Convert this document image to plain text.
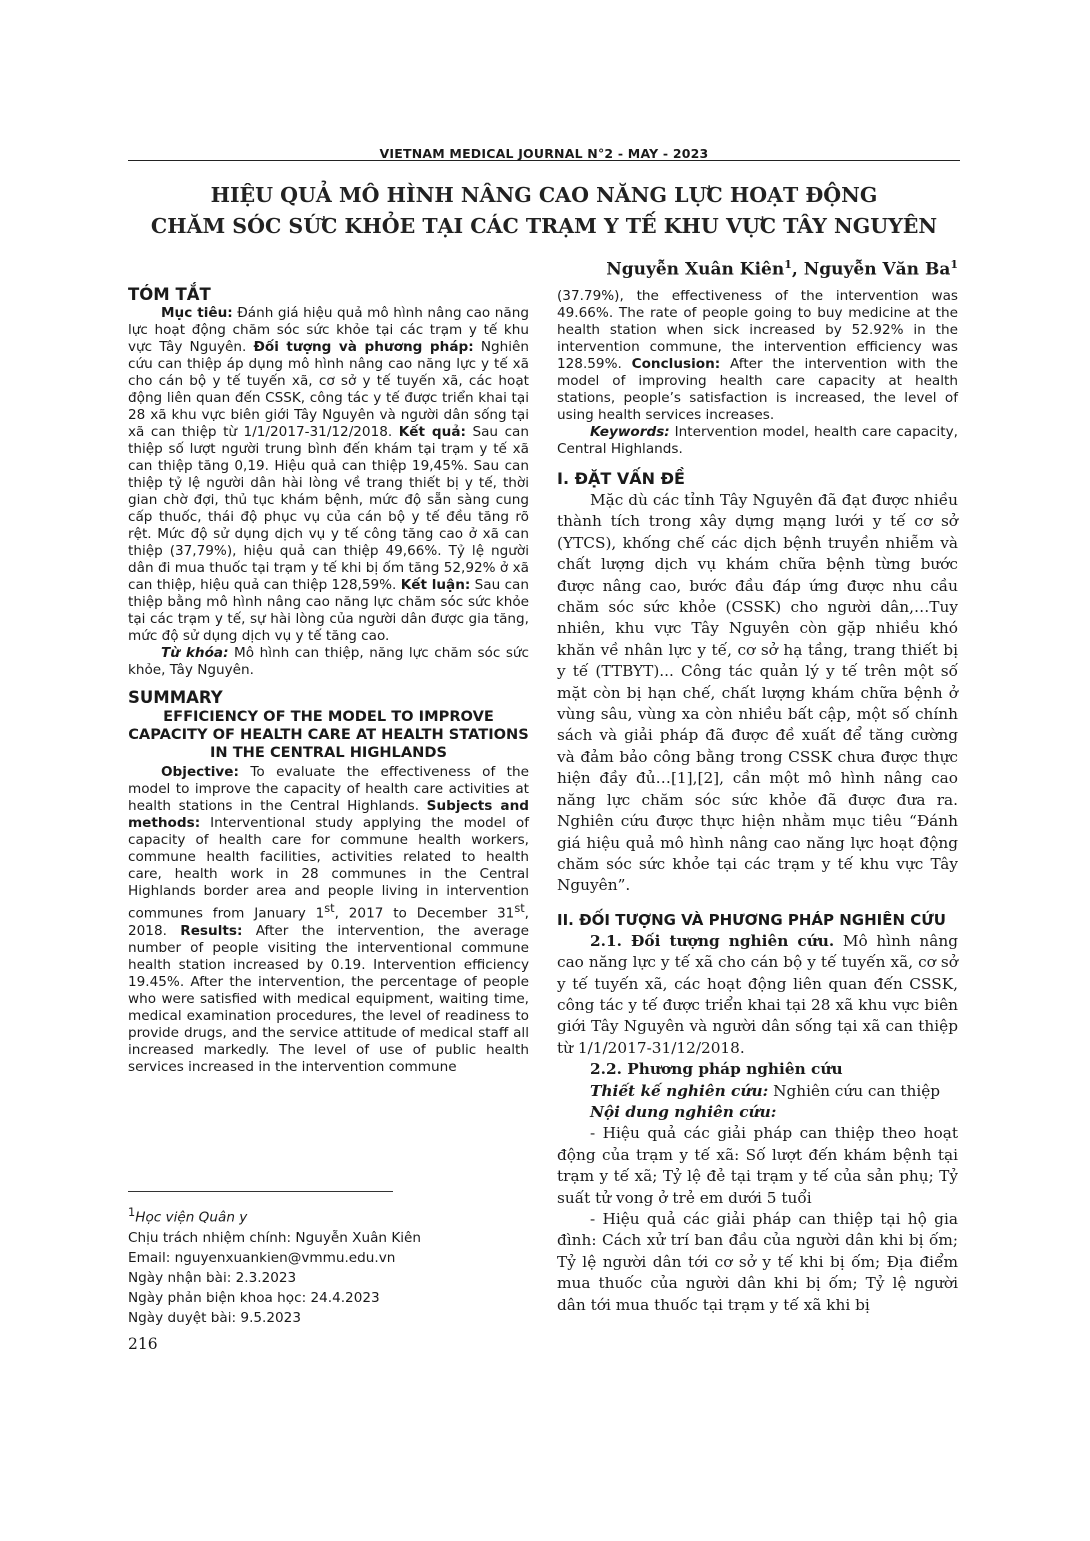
VIETNAM MEDICAL JOURNAL N°2 - MAY - 2023
HIỆU QUẢ MÔ HÌNH NÂNG CAO NĂNG LỰC HOẠT ĐỘNG
CHĂM SÓC SỨC KHỎE TẠI CÁC TRẠM Y TẾ KHU VỰC TÂY NGUYÊN
Nguyễn Xuân Kiên$^1$, Nguyễn Văn Ba$^1$
TÓM TẮT

Mục tiêu: Đánh giá hiệu quả mô hình nâng cao năng lực hoạt động chăm sóc sức khỏe tại các trạm y tế khu vực Tây Nguyên. Đối tượng và phương pháp: Nghiên cứu can thiệp áp dụng mô hình nâng cao năng lực y tế xã cho cán bộ y tế tuyến xã, cơ sở y tế tuyến xã, các hoạt động liên quan đến CSSK, công tác y tế được triển khai tại 28 xã khu vực biên giới Tây Nguyên và người dân sống tại xã can thiệp từ 1/1/2017-31/12/2018. Kết quả: Sau can thiệp số lượt người trung bình đến khám tại trạm y tế xã can thiệp tăng 0,19. Hiệu quả can thiệp 19,45%. Sau can thiệp tỷ lệ người dân hài lòng về trang thiết bị y tế, thời gian chờ đợi, thủ tục khám bệnh, mức độ sẵn sàng cung cấp thuốc, thái độ phục vụ của cán bộ y tế đều tăng rõ rệt. Mức độ sử dụng dịch vụ y tế công tăng cao ở xã can thiệp (37,79%), hiệu quả can thiệp 49,66%. Tỷ lệ người dân đi mua thuốc tại trạm y tế khi bị ốm tăng 52,92% ở xã can thiệp, hiệu quả can thiệp 128,59%. Kết luận: Sau can thiệp bằng mô hình nâng cao năng lực chăm sóc sức khỏe tại các trạm y tế, sự hài lòng của người dân được gia tăng, mức độ sử dụng dịch vụ y tế tăng cao.

Từ khóa: Mô hình can thiệp, năng lực chăm sóc sức khỏe, Tây Nguyên.

SUMMARY
EFFICIENCY OF THE MODEL TO IMPROVE CAPACITY OF HEALTH CARE AT HEALTH STATIONS IN THE CENTRAL HIGHLANDS

Objective: To evaluate the effectiveness of the model to improve the capacity of health care activities at health stations in the Central Highlands. Subjects and methods: Interventional study applying the model of capacity of health care for commune health workers, commune health facilities, activities related to health care, health work in 28 communes in the Central Highlands border area and people living in intervention communes from January 1st, 2017 to December 31st, 2018. Results: After the intervention, the average number of people visiting the interventional commune health station increased by 0.19. Intervention efficiency 19.45%. After the intervention, the percentage of people who were satisfied with medical equipment, waiting time, medical examination procedures, the level of readiness to provide drugs, and the service attitude of medical staff all increased markedly. The level of use of public health services increased in the intervention commune

(37.79%), the effectiveness of the intervention was 49.66%. The rate of people going to buy medicine at the health station when sick increased by 52.92% in the intervention commune, the intervention efficiency was 128.59%. Conclusion: After the intervention with the model of improving health care capacity at health stations, people’s satisfaction is increased, the level of using health services increases.

Keywords: Intervention model, health care capacity, Central Highlands.

I. ĐẶT VẤN ĐỀ

Mặc dù các tỉnh Tây Nguyên đã đạt được nhiều thành tích trong xây dựng mạng lưới y tế cơ sở (YTCS), khống chế các dịch bệnh truyền nhiễm và chất lượng dịch vụ khám chữa bệnh từng bước được nâng cao, bước đầu đáp ứng được nhu cầu chăm sóc sức khỏe (CSSK) cho người dân,…Tuy nhiên, khu vực Tây Nguyên còn gặp nhiều khó khăn về nhân lực y tế, cơ sở hạ tầng, trang thiết bị y tế (TTBYT)... Công tác quản lý y tế trên một số mặt còn bị hạn chế, chất lượng khám chữa bệnh ở vùng sâu, vùng xa còn nhiều bất cập, một số chính sách và giải pháp đã được đề xuất để tăng cường và đảm bảo công bằng trong CSSK chưa được thực hiện đầy đủ…[1],[2], cần một mô hình nâng cao năng lực chăm sóc sức khỏe đã được đưa ra. Nghiên cứu được thực hiện nhằm mục tiêu “Đánh giá hiệu quả mô hình nâng cao năng lực hoạt động chăm sóc sức khỏe tại các trạm y tế khu vực Tây Nguyên”.

II. ĐỐI TƯỢNG VÀ PHƯƠNG PHÁP NGHIÊN CỨU

2.1. Đối tượng nghiên cứu. Mô hình nâng cao năng lực y tế xã cho cán bộ y tế tuyến xã, cơ sở y tế tuyến xã, các hoạt động liên quan đến CSSK, công tác y tế được triển khai tại 28 xã khu vực biên giới Tây Nguyên và người dân sống tại xã can thiệp từ 1/1/2017-31/12/2018.

2.2. Phương pháp nghiên cứu

Thiết kế nghiên cứu: Nghiên cứu can thiệp

Nội dung nghiên cứu:

- Hiệu quả các giải pháp can thiệp theo hoạt động của trạm y tế xã: Số lượt đến khám bệnh tại trạm y tế xã; Tỷ lệ đẻ tại trạm y tế của sản phụ; Tỷ suất tử vong ở trẻ em dưới 5 tuổi

- Hiệu quả các giải pháp can thiệp tại hộ gia đình: Cách xử trí ban đầu của người dân khi bị ốm; Tỷ lệ người dân tới cơ sở y tế khi bị ốm; Địa điểm mua thuốc của người dân khi bị ốm; Tỷ lệ người dân tới mua thuốc tại trạm y tế xã khi bị

$^1$Học viện Quân y
Chịu trách nhiệm chính: Nguyễn Xuân Kiên
Email: nguyenxuankien@vmmu.edu.vn
Ngày nhận bài: 2.3.2023
Ngày phản biện khoa học: 24.4.2023
Ngày duyệt bài: 9.5.2023
216
